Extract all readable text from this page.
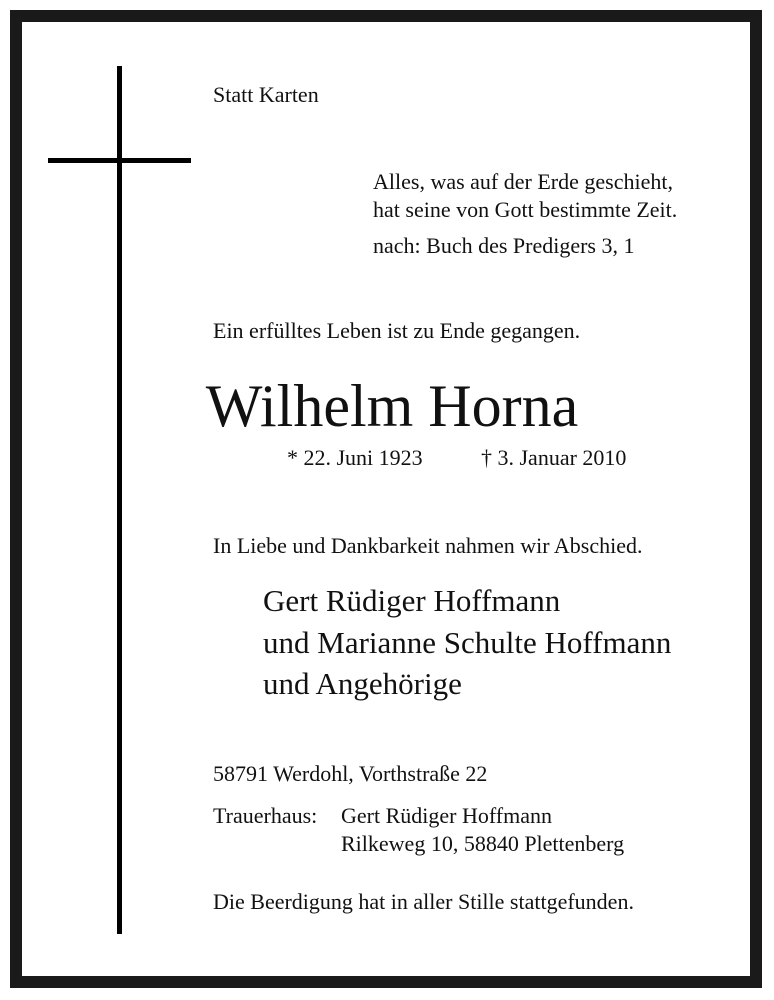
Statt Karten

Alles, was auf der Erde geschieht,

hat seine von Gott bestimmte Zeit.

nach: Buch des Predigers 3, 1

Ein erfülltes Leben ist zu Ende gegangen.

Wilhelm Horna

* 22. Juni 1923	† 3. Januar 2010

In Liebe und Dankbarkeit nahmen wir Abschied.

Gert Rüdiger Hoffmann

und Marianne Schulte Hoffmann

und Angehörige

58791 Werdohl, Vorthstraße 22

Trauerhaus: Gert Rüdiger Hoffmann

Rilkeweg 10, 58840 Plettenberg

Die Beerdigung hat in aller Stille stattgefunden.
